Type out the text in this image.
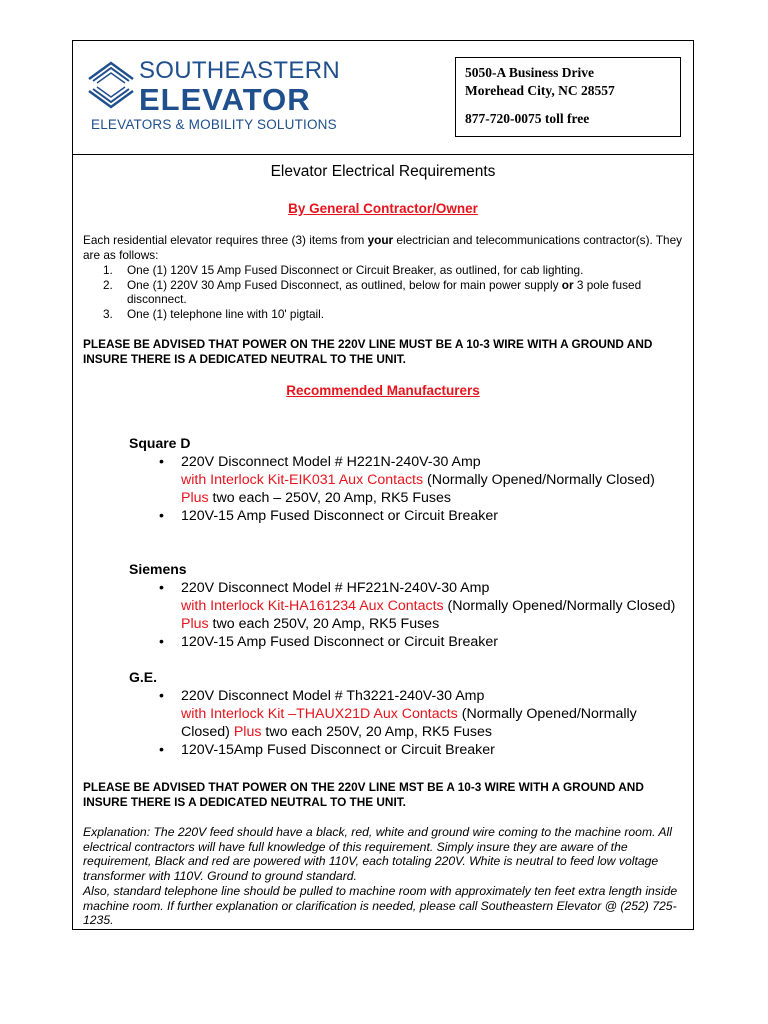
SOUTHEASTERN
ELEVATOR
ELEVATORS & MOBILITY SOLUTIONS
5050-A Business Drive
Morehead City, NC 28557
877-720-0075 toll free
Elevator Electrical Requirements
By General Contractor/Owner
Each residential elevator requires three (3) items from your electrician and telecommunications contractor(s). They are as follows:
1.	One (1) 120V 15 Amp Fused Disconnect or Circuit Breaker, as outlined, for cab lighting.
2.	One (1) 220V 30 Amp Fused Disconnect, as outlined, below for main power supply or 3 pole fused disconnect.
3.	One (1) telephone line with 10' pigtail.
PLEASE BE ADVISED THAT POWER ON THE 220V LINE MUST BE A 10-3 WIRE WITH A GROUND AND INSURE THERE IS A DEDICATED NEUTRAL TO THE UNIT.
Recommended Manufacturers
Square D
•	220V Disconnect Model # H221N-240V-30 Amp
with Interlock Kit-EIK031 Aux Contacts (Normally Opened/Normally Closed)
Plus two each – 250V, 20 Amp, RK5 Fuses
•	120V-15 Amp Fused Disconnect or Circuit Breaker
Siemens
•	220V Disconnect Model # HF221N-240V-30 Amp
with Interlock Kit-HA161234 Aux Contacts (Normally Opened/Normally Closed) Plus two each 250V, 20 Amp, RK5 Fuses
•	120V-15 Amp Fused Disconnect or Circuit Breaker
G.E.
•	220V Disconnect Model # Th3221-240V-30 Amp
with Interlock Kit –THAUX21D Aux Contacts (Normally Opened/Normally Closed) Plus two each 250V, 20 Amp, RK5 Fuses
•	120V-15Amp Fused Disconnect or Circuit Breaker
PLEASE BE ADVISED THAT POWER ON THE 220V LINE MST BE A 10-3 WIRE WITH A GROUND AND INSURE THERE IS A DEDICATED NEUTRAL TO THE UNIT.
Explanation: The 220V feed should have a black, red, white and ground wire coming to the machine room. All electrical contractors will have full knowledge of this requirement. Simply insure they are aware of the requirement, Black and red are powered with 110V, each totaling 220V. White is neutral to feed low voltage transformer with 110V. Ground to ground standard.
Also, standard telephone line should be pulled to machine room with approximately ten feet extra length inside machine room. If further explanation or clarification is needed, please call Southeastern Elevator @ (252) 725-1235.
